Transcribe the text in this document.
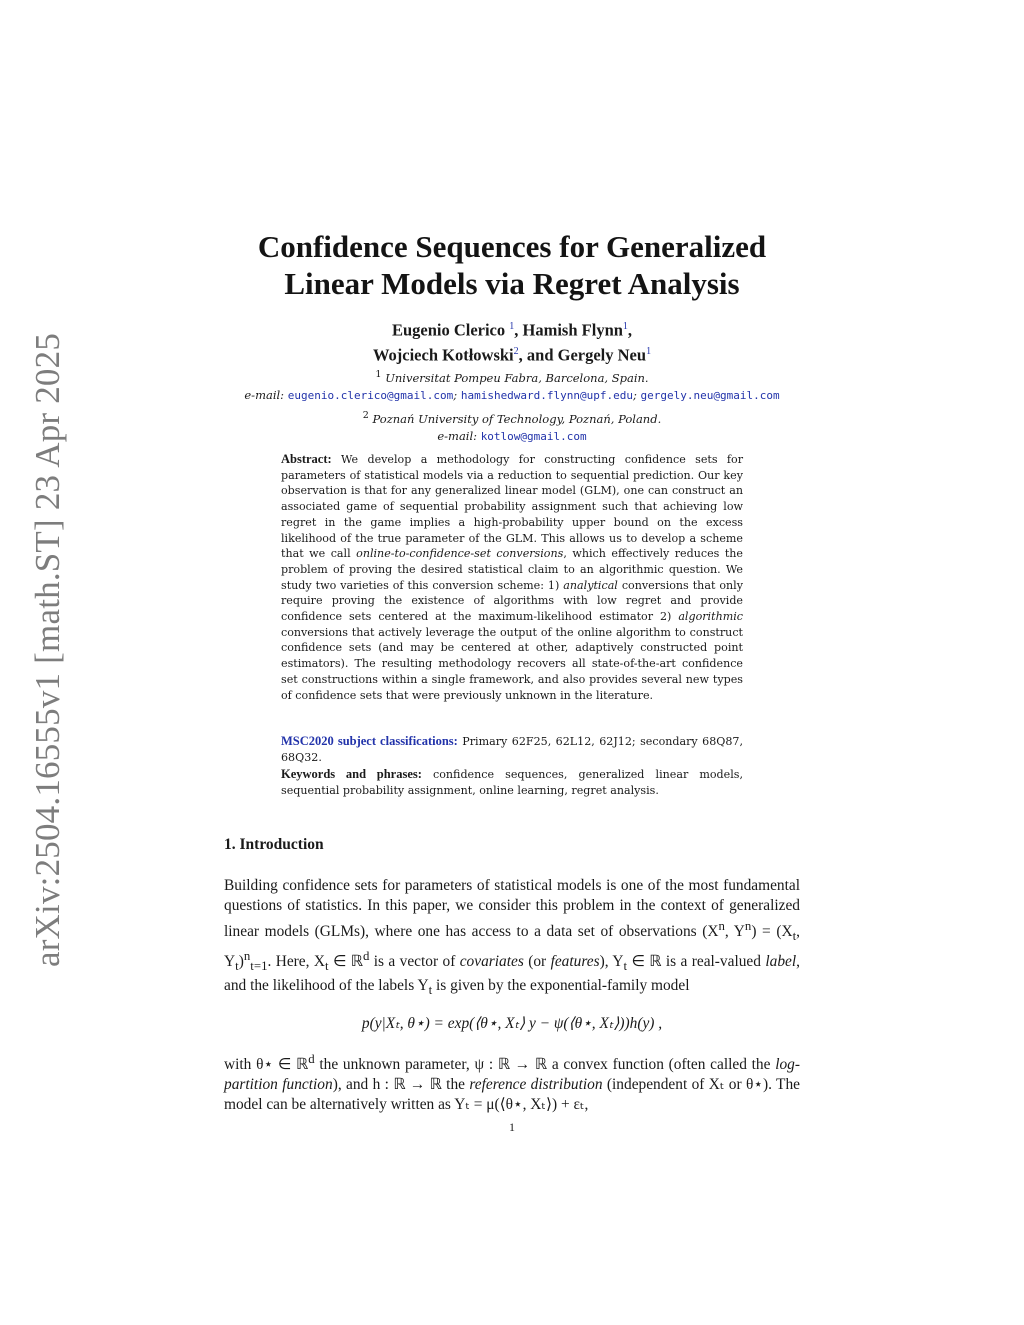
arXiv:2504.16555v1 [math.ST] 23 Apr 2025
Confidence Sequences for Generalized
Linear Models via Regret Analysis
Eugenio Clerico $^1$, Hamish Flynn$^1$,
Wojciech Kotłowski$^2$, and Gergely Neu$^1$
$^1$ Universitat Pompeu Fabra, Barcelona, Spain.
e-mail: eugenio.clerico@gmail.com; hamishedward.flynn@upf.edu; gergely.neu@gmail.com
$^2$ Poznań University of Technology, Poznań, Poland.
e-mail: kotlow@gmail.com
Abstract: We develop a methodology for constructing confidence sets for parameters of statistical models via a reduction to sequential prediction. Our key observation is that for any generalized linear model (GLM), one can construct an associated game of sequential probability assignment such that achieving low regret in the game implies a high-probability upper bound on the excess likelihood of the true parameter of the GLM. This allows us to develop a scheme that we call online-to-confidence-set conversions, which effectively reduces the problem of proving the desired statistical claim to an algorithmic question. We study two varieties of this conversion scheme: 1) analytical conversions that only require proving the existence of algorithms with low regret and provide confidence sets centered at the maximum-likelihood estimator 2) algorithmic conversions that actively leverage the output of the online algorithm to construct confidence sets (and may be centered at other, adaptively constructed point estimators). The resulting methodology recovers all state-of-the-art confidence set constructions within a single framework, and also provides several new types of confidence sets that were previously unknown in the literature.
MSC2020 subject classifications: Primary 62F25, 62L12, 62J12; secondary 68Q87, 68Q32.
Keywords and phrases: confidence sequences, generalized linear models, sequential probability assignment, online learning, regret analysis.
1. Introduction
Building confidence sets for parameters of statistical models is one of the most fundamental questions of statistics. In this paper, we consider this problem in the context of generalized linear models (GLMs), where one has access to a data set of observations ($X^n$, $Y^n) = (X_t$, $Y_t)^n_{t=1}$. Here, $X_t$ ∈ ℝ$^d$ is a vector of covariates (or features), $Y_t$ ∈ ℝ is a real-valued label, and the likelihood of the labels $Y_t$ is given by the exponential-family model
p(y|Xₜ, θ⋆) = exp(⟨θ⋆, Xₜ⟩ y − ψ(⟨θ⋆, Xₜ⟩))h(y) ,
with θ⋆ ∈ ℝ$^d$ the unknown parameter, ψ : ℝ → ℝ a convex function (often called the log-partition function), and h : ℝ → ℝ the reference distribution (independent of Xₜ or θ⋆). The model can be alternatively written as Yₜ = μ(⟨θ⋆, Xₜ⟩) + εₜ,
1
